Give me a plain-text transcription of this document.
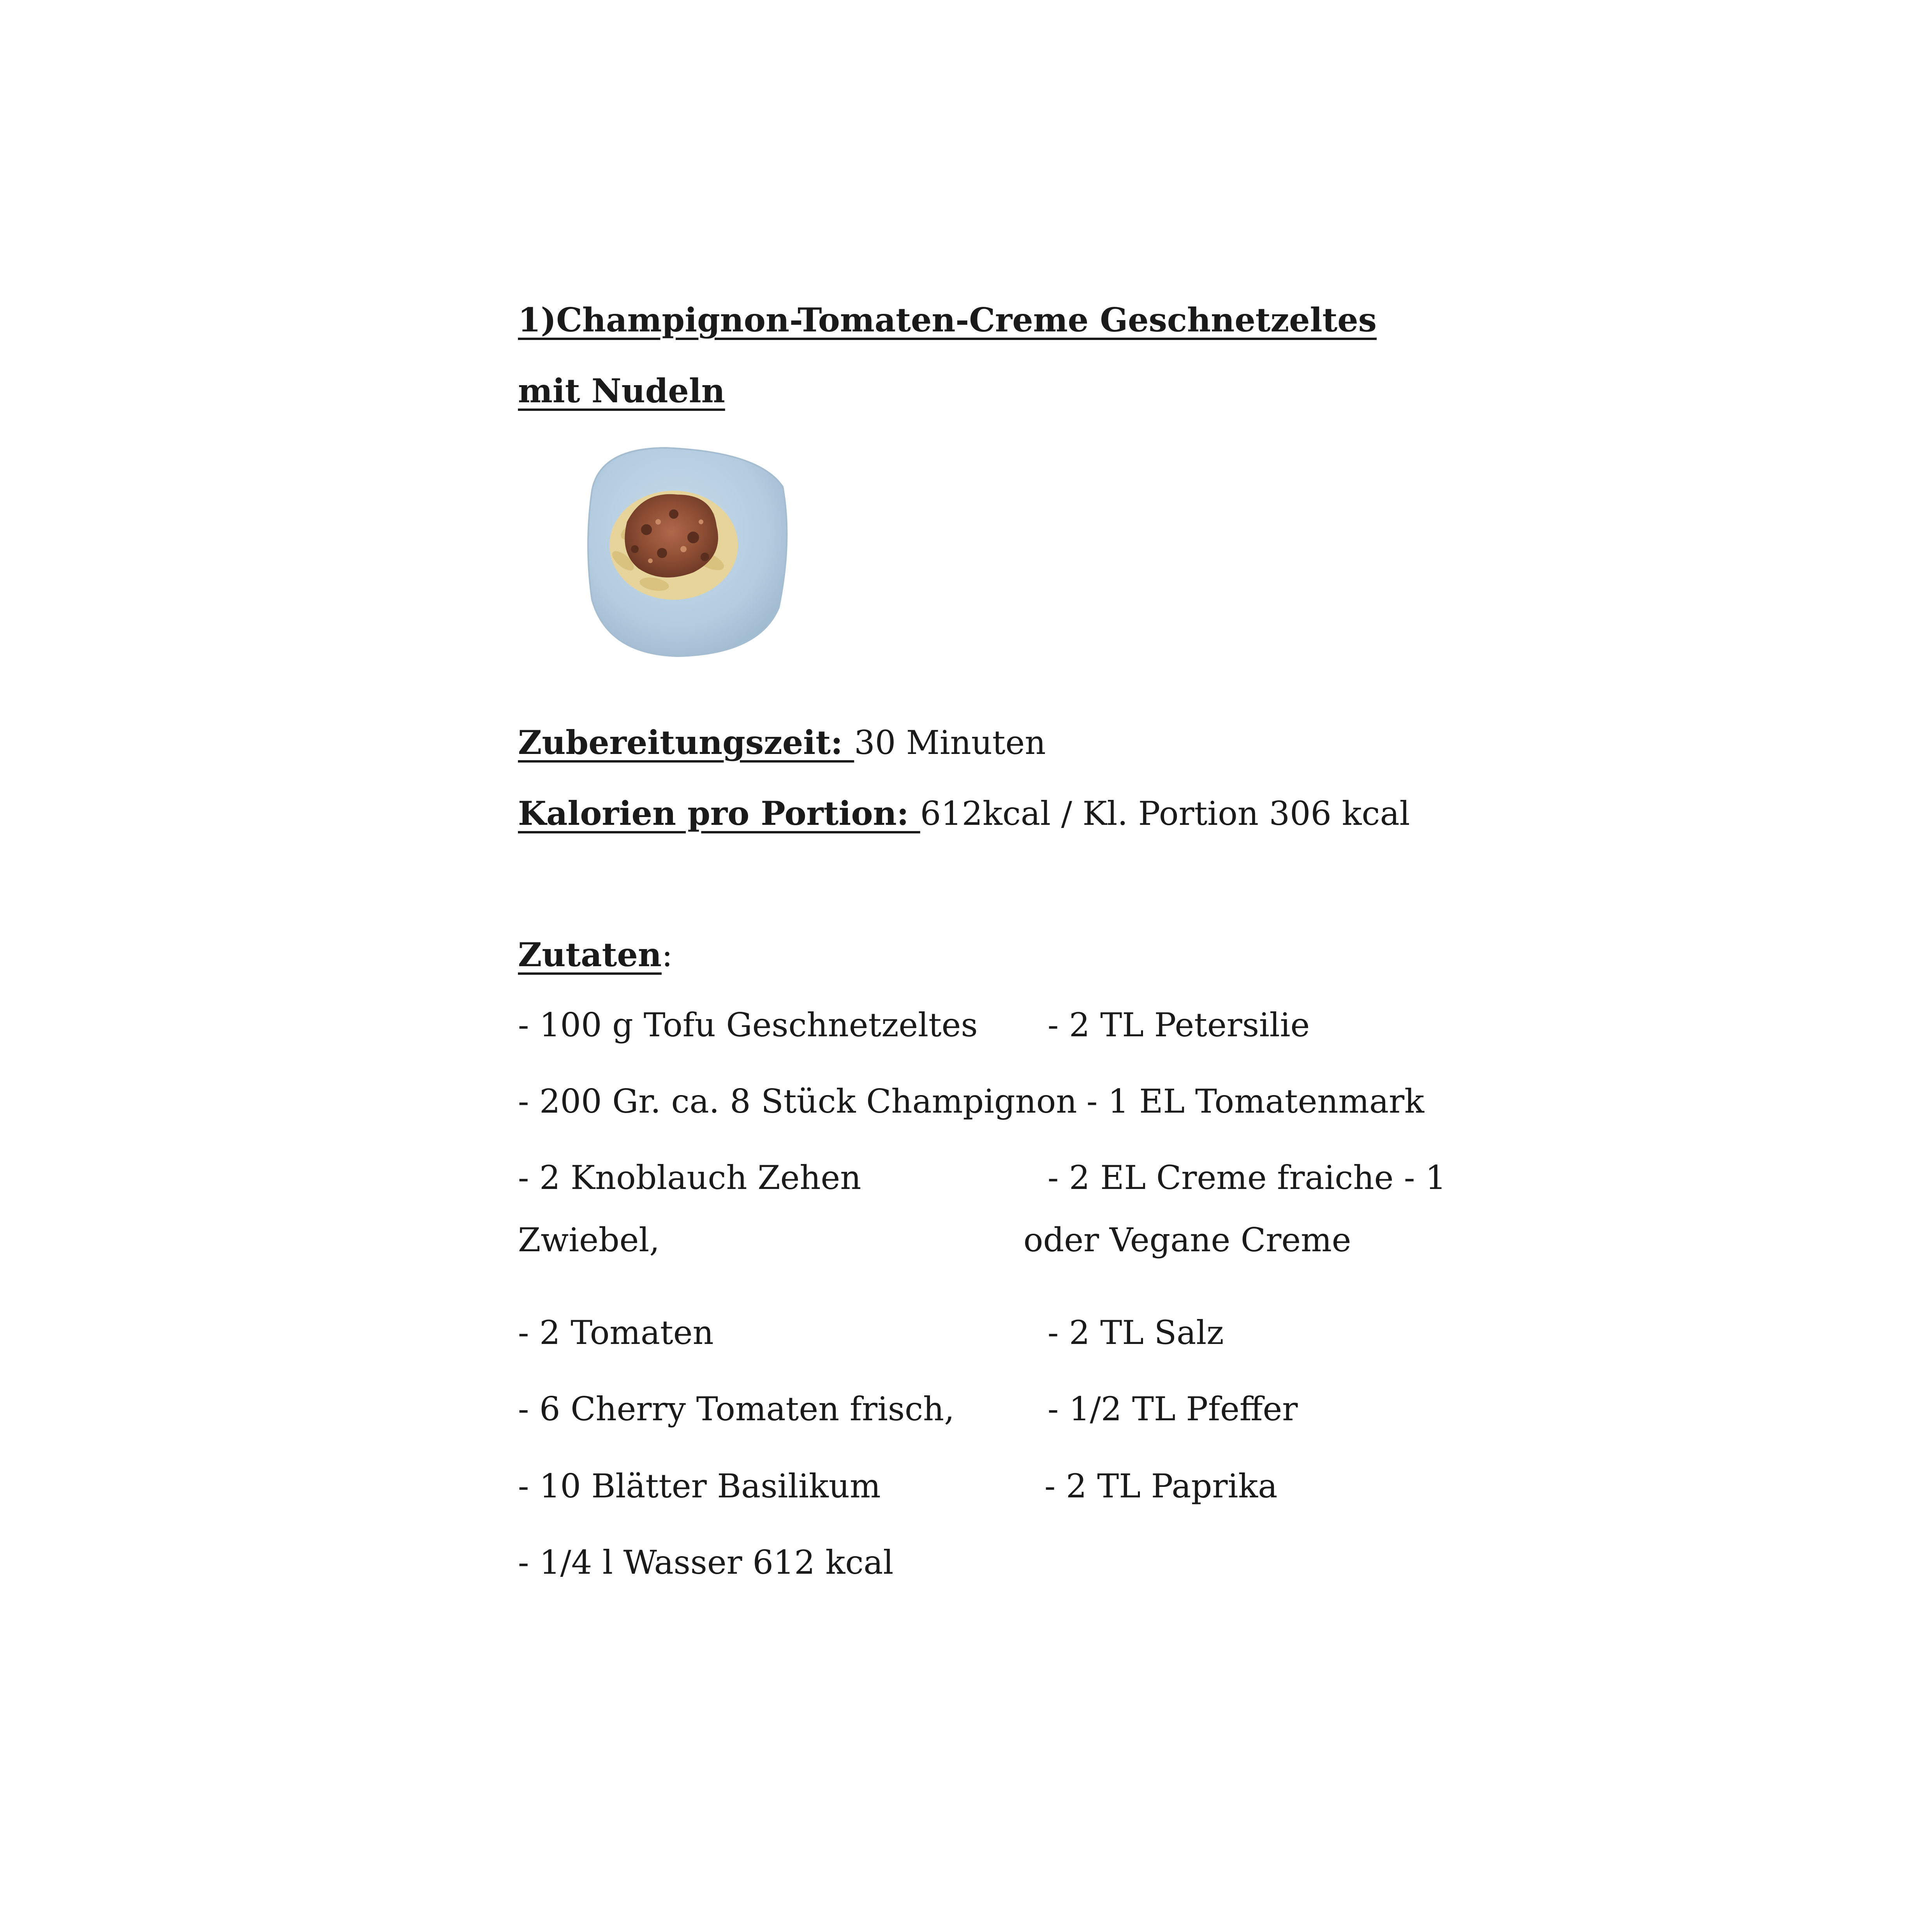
1)Champignon-Tomaten-Creme Geschnetzeltes
mit Nudeln
Zubereitungszeit: 30 Minuten
Kalorien pro Portion: 612kcal / Kl. Portion 306 kcal
Zutaten:
- 100 g Tofu Geschnetzeltes
- 200 Gr. ca. 8 Stück Champignon
- 2 Knoblauch Zehen
Zwiebel,
- 2 Tomaten
- 6 Cherry Tomaten frisch,
- 10 Blätter Basilikum
- 1/4 l Wasser 612 kcal
- 2 TL Petersilie
- 1 EL Tomatenmark
- 2 EL Creme fraiche - 1
oder Vegane Creme
- 2 TL Salz
- 1/2 TL Pfeffer
- 2 TL Paprika
